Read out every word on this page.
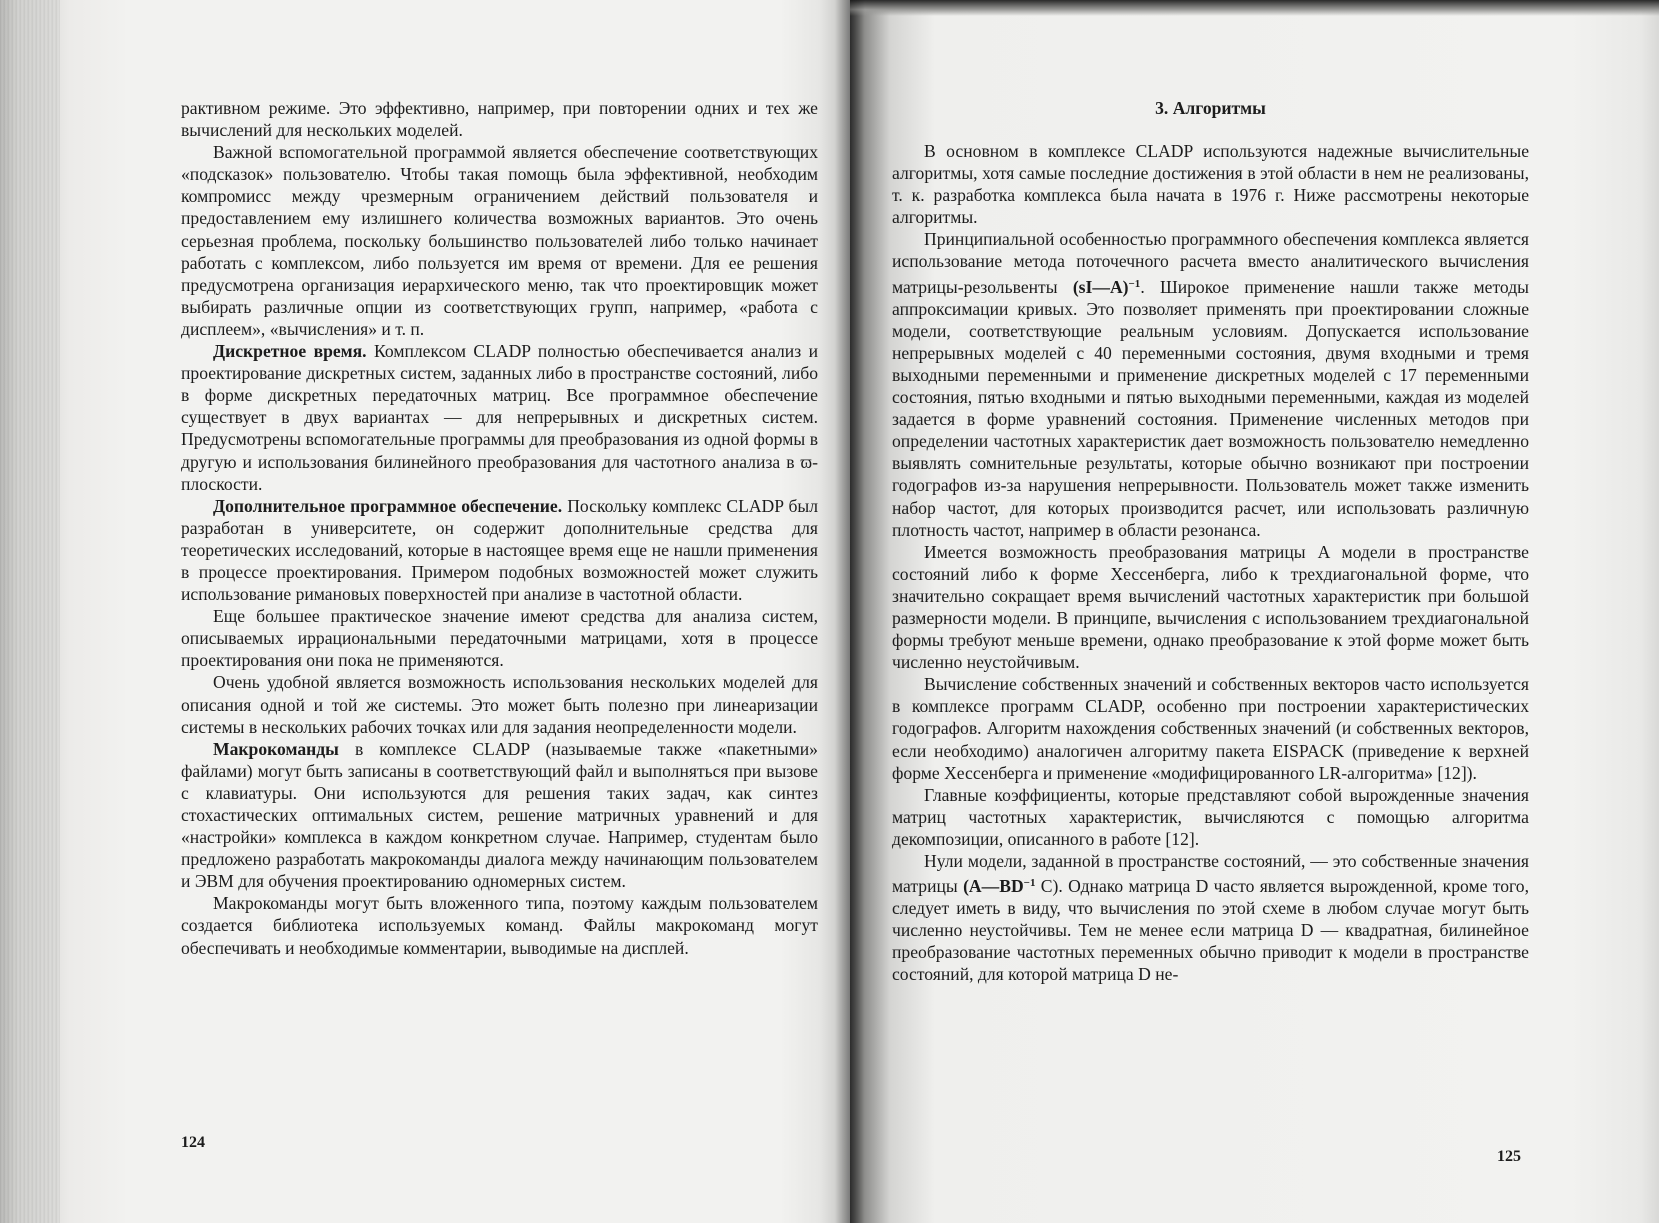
рактивном режиме. Это эффективно, например, при повторении одних и тех же вычислений для нескольких моделей.

Важной вспомогательной программой является обеспечение соответствующих «подсказок» пользователю. Чтобы такая помощь была эффективной, необходим компромисс между чрезмерным ограничением действий пользователя и предоставлением ему излишнего количества возможных вариантов. Это очень серьезная проблема, поскольку большинство пользователей либо только начинает работать с комплексом, либо пользуется им время от времени. Для ее решения предусмотрена организация иерархического меню, так что проектировщик может выбирать различные опции из соответствующих групп, например, «работа с дисплеем», «вычисления» и т. п.

Дискретное время. Комплексом CLADP полностью обеспечивается анализ и проектирование дискретных систем, заданных либо в пространстве состояний, либо в форме дискретных передаточных матриц. Все программное обеспечение существует в двух вариантах — для непрерывных и дискретных систем. Предусмотрены вспомогательные программы для преобразования из одной формы в другую и использования билинейного преобразования для частотного анализа в ϖ-плоскости.

Дополнительное программное обеспечение. Поскольку комплекс CLADP был разработан в университете, он содержит дополнительные средства для теоретических исследований, которые в настоящее время еще не нашли применения в процессе проектирования. Примером подобных возможностей может служить использование римановых поверхностей при анализе в частотной области.

Еще большее практическое значение имеют средства для анализа систем, описываемых иррациональными передаточными матрицами, хотя в процессе проектирования они пока не применяются.

Очень удобной является возможность использования нескольких моделей для описания одной и той же системы. Это может быть полезно при линеаризации системы в нескольких рабочих точках или для задания неопределенности модели.

Макрокоманды в комплексе CLADP (называемые также «пакетными» файлами) могут быть записаны в соответствующий файл и выполняться при вызове с клавиатуры. Они используются для решения таких задач, как синтез стохастических оптимальных систем, решение матричных уравнений и для «настройки» комплекса в каждом конкретном случае. Например, студентам было предложено разработать макрокоманды диалога между начинающим пользователем и ЭВМ для обучения проектированию одномерных систем.

Макрокоманды могут быть вложенного типа, поэтому каждым пользователем создается библиотека используемых команд. Файлы макрокоманд могут обеспечивать и необходимые комментарии, выводимые на дисплей.

124
3. Алгоритмы

В основном в комплексе CLADP используются надежные вычислительные алгоритмы, хотя самые последние достижения в этой области в нем не реализованы, т. к. разработка комплекса была начата в 1976 г. Ниже рассмотрены некоторые алгоритмы.

Принципиальной особенностью программного обеспечения комплекса является использование метода поточечного расчета вместо аналитического вычисления матрицы-резольвенты (sI—A)$^{-1}$. Широкое применение нашли также методы аппроксимации кривых. Это позволяет применять при проектировании сложные модели, соответствующие реальным условиям. Допускается использование непрерывных моделей с 40 переменными состояния, двумя входными и тремя выходными переменными и применение дискретных моделей с 17 переменными состояния, пятью входными и пятью выходными переменными, каждая из моделей задается в форме уравнений состояния. Применение численных методов при определении частотных характеристик дает возможность пользователю немедленно выявлять сомнительные результаты, которые обычно возникают при построении годографов из-за нарушения непрерывности. Пользователь может также изменить набор частот, для которых производится расчет, или использовать различную плотность частот, например в области резонанса.

Имеется возможность преобразования матрицы A модели в пространстве состояний либо к форме Хессенберга, либо к трехдиагональной форме, что значительно сокращает время вычислений частотных характеристик при большой размерности модели. В принципе, вычисления с использованием трехдиагональной формы требуют меньше времени, однако преобразование к этой форме может быть численно неустойчивым.

Вычисление собственных значений и собственных векторов часто используется в комплексе программ CLADP, особенно при построении характеристических годографов. Алгоритм нахождения собственных значений (и собственных векторов, если необходимо) аналогичен алгоритму пакета EISPACK (приведение к верхней форме Хессенберга и применение «модифицированного LR-алгоритма» [12]).

Главные коэффициенты, которые представляют собой вырожденные значения матриц частотных характеристик, вычисляются с помощью алгоритма декомпозиции, описанного в работе [12].

Нули модели, заданной в пространстве состояний, — это собственные значения матрицы ($A—BD^{-1}$ C). Однако матрица D часто является вырожденной, кроме того, следует иметь в виду, что вычисления по этой схеме в любом случае могут быть численно неустойчивы. Тем не менее если матрица D — квадратная, билинейное преобразование частотных переменных обычно приводит к модели в пространстве состояний, для которой матрица D не-

125
